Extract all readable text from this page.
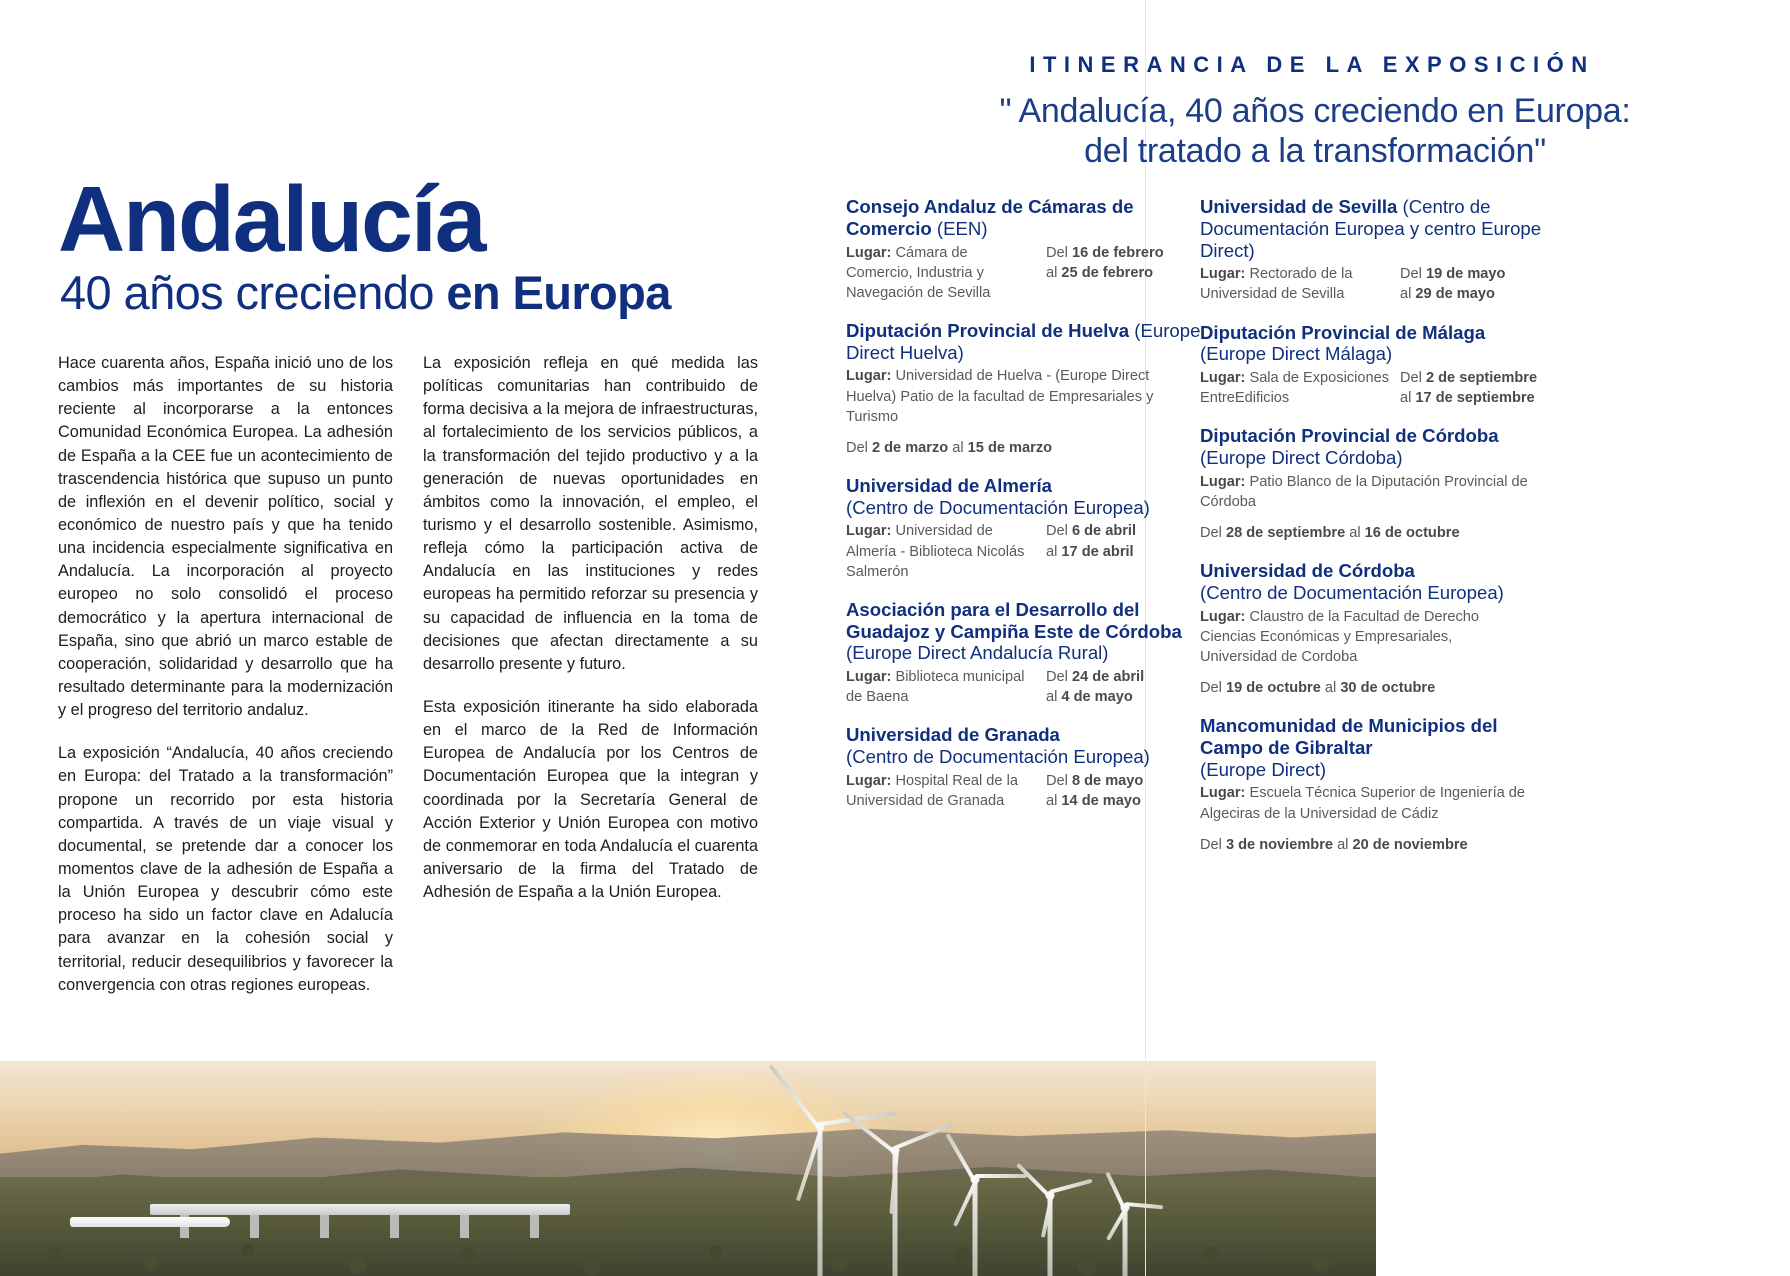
Andalucía
40 años creciendo en Europa

Hace cuarenta años, España inició uno de los cambios más importantes de su historia reciente al incorporarse a la entonces Comunidad Económica Europea. La adhesión de España a la CEE fue un acontecimiento de trascendencia histórica que supuso un punto de inflexión en el devenir político, social y económico de nuestro país y que ha tenido una incidencia especialmente significativa en Andalucía. La incorporación al proyecto europeo no solo consolidó el proceso democrático y la apertura internacional de España, sino que abrió un marco estable de cooperación, solidaridad y desarrollo que ha resultado determinante para la modernización y el progreso del territorio andaluz.

La exposición “Andalucía, 40 años creciendo en Europa: del Tratado a la transformación” propone un recorrido por esta historia compartida. A través de un viaje visual y documental, se pretende dar a conocer los momentos clave de la adhesión de España a la Unión Europea y descubrir cómo este proceso ha sido un factor clave en Adalucía para avanzar en la cohesión social y territorial, reducir desequilibrios y favorecer la convergencia con otras regiones europeas.

La exposición refleja en qué medida las políticas comunitarias han contribuido de forma decisiva a la mejora de infraestructuras, al fortalecimiento de los servicios públicos, a la transformación del tejido productivo y a la generación de nuevas oportunidades en ámbitos como la innovación, el empleo, el turismo y el desarrollo sostenible. Asimismo, refleja cómo la participación activa de Andalucía en las instituciones y redes europeas ha permitido reforzar su presencia y su capacidad de influencia en la toma de decisiones que afectan directamente a su desarrollo presente y futuro.

Esta exposición itinerante ha sido elaborada en el marco de la Red de Información Europea de Andalucía por los Centros de Documentación Europea que la integran y coordinada por la Secretaría General de Acción Exterior y Unión Europea con motivo de conmemorar en toda Andalucía el cuarenta aniversario de la firma del Tratado de Adhesión de España a la Unión Europea.

ITINERANCIA DE LA EXPOSICIÓN
" Andalucía, 40 años creciendo en Europa:
del tratado a la transformación"
Consejo Andaluz de Cámaras de Comercio (EEN)
Lugar: Cámara de Comercio, Industria y Navegación de Sevilla
Del 16 de febrero
al 25 de febrero
Diputación Provincial de Huelva (Europe Direct Huelva)
Lugar: Universidad de Huelva - (Europe Direct Huelva) Patio de la facultad de Empresariales y Turismo
Del 2 de marzo al 15 de marzo
Universidad de Almería
(Centro de Documentación Europea)
Lugar: Universidad de Almería - Biblioteca Nicolás Salmerón
Del 6 de abril
al 17 de abril
Asociación para el Desarrollo del Guadajoz y Campiña Este de Córdoba (Europe Direct Andalucía Rural)
Lugar: Biblioteca municipal de Baena
Del 24 de abril
al 4 de mayo
Universidad de Granada
(Centro de Documentación Europea)
Lugar: Hospital Real de la Universidad de Granada
Del 8 de mayo
al 14 de mayo
Universidad de Sevilla (Centro de Documentación Europea y centro Europe Direct)
Lugar: Rectorado de la Universidad de Sevilla
Del 19 de mayo
al 29 de mayo
Diputación Provincial de Málaga
(Europe Direct Málaga)
Lugar: Sala de Exposiciones EntreEdificios
Del 2 de septiembre
al 17 de septiembre
Diputación Provincial de Córdoba (Europe Direct Córdoba)
Lugar: Patio Blanco de la Diputación Provincial de Córdoba
Del 28 de septiembre al 16 de octubre
Universidad de Córdoba
(Centro de Documentación Europea)
Lugar: Claustro de la Facultad de Derecho Ciencias Económicas y Empresariales, Universidad de Cordoba
Del 19 de octubre al 30 de octubre
Mancomunidad de Municipios del Campo de Gibraltar
(Europe Direct)
Lugar: Escuela Técnica Superior de Ingeniería de Algeciras de la Universidad de Cádiz
Del 3 de noviembre al 20 de noviembre
